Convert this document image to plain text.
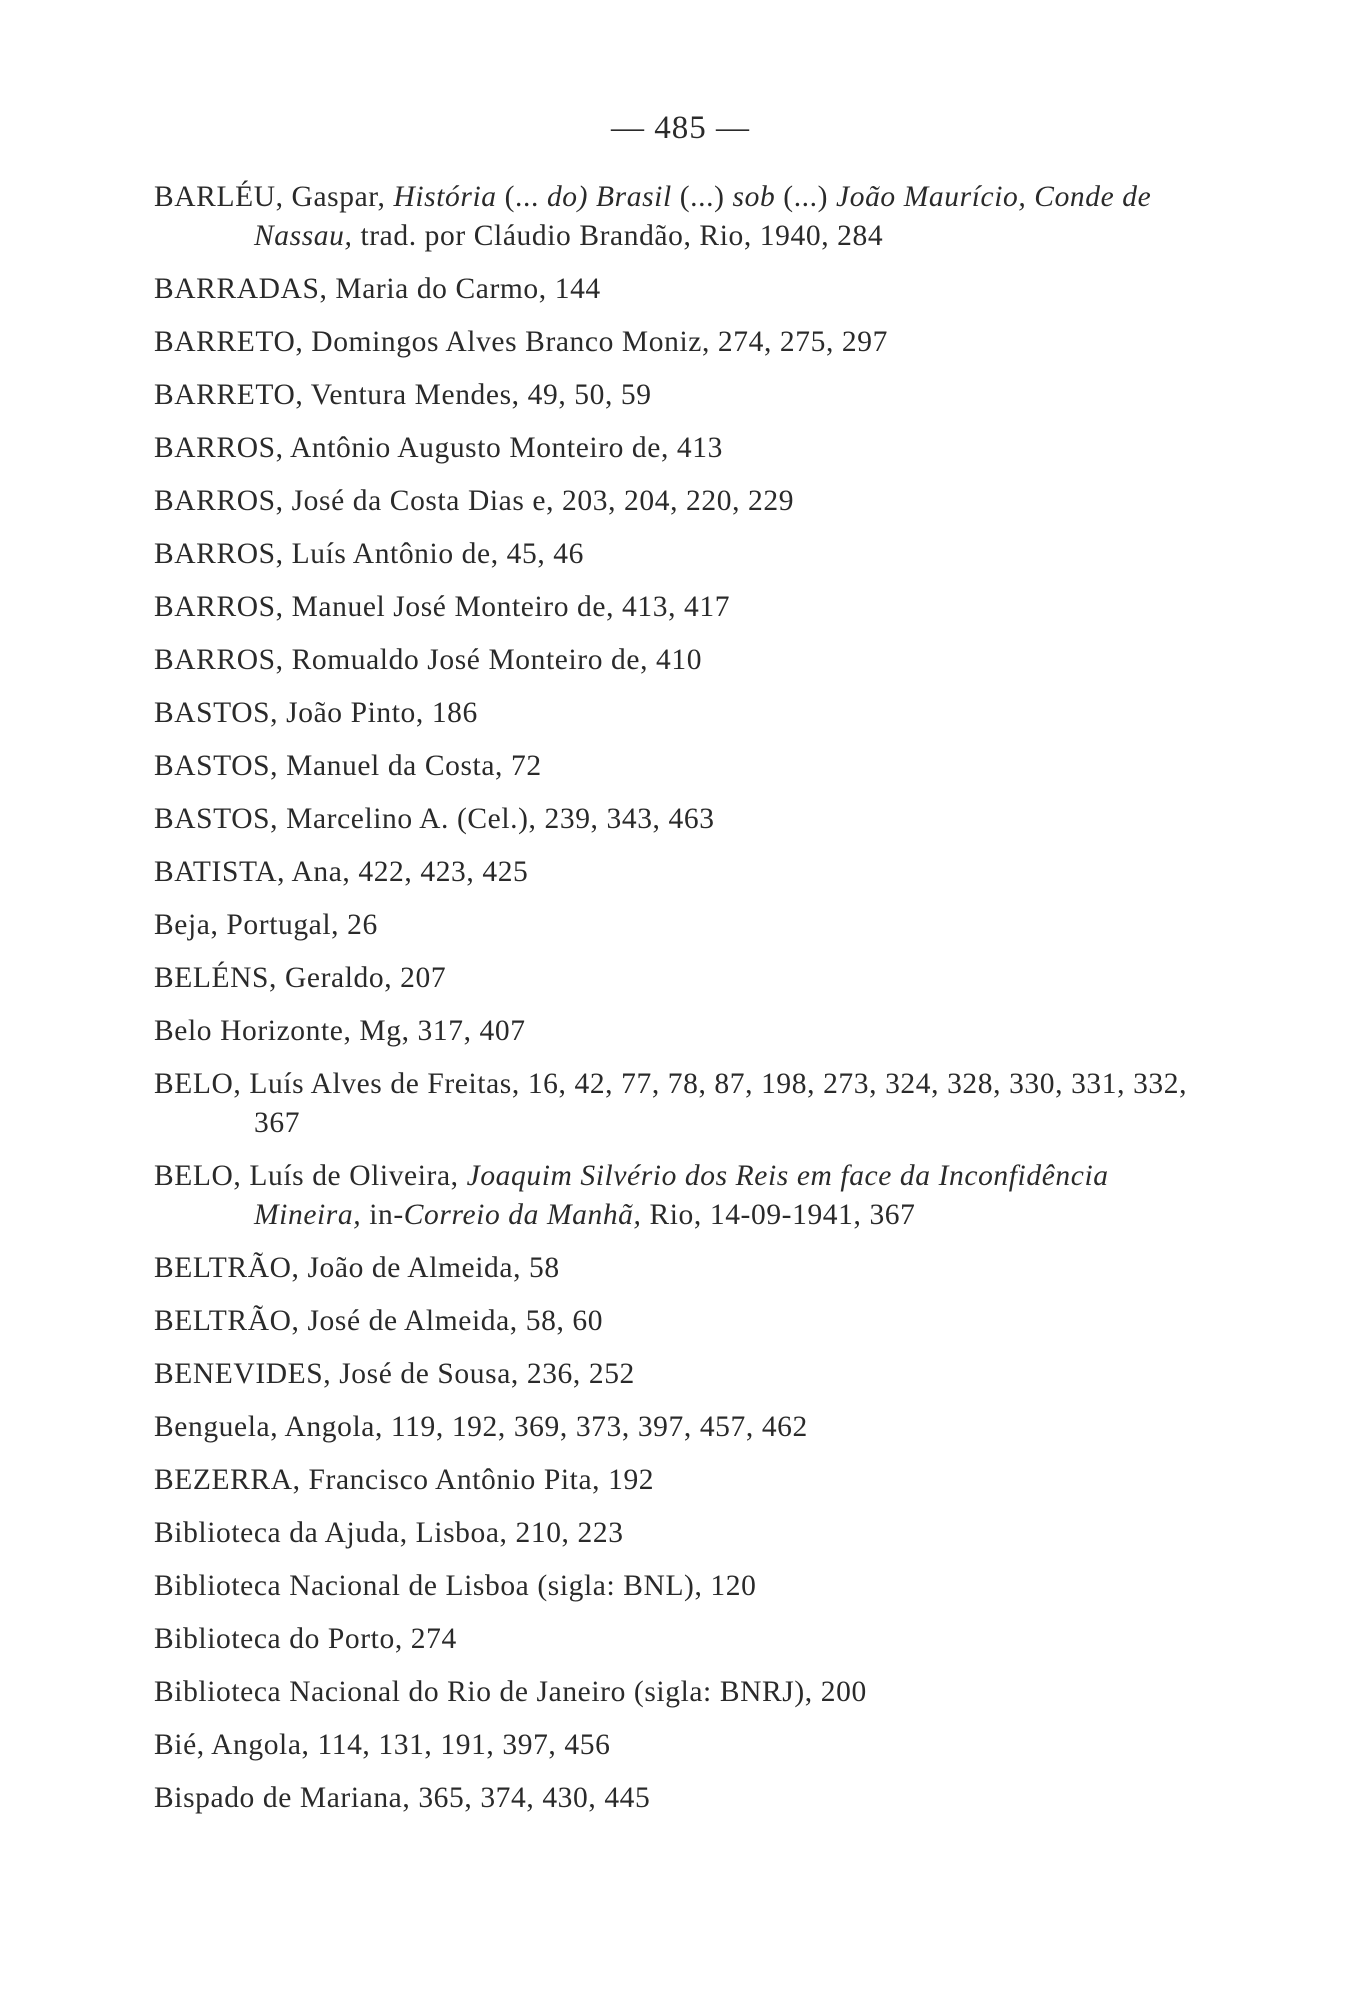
— 485 —
BARLÉU, Gaspar, História (... do) Brasil (...) sob (...) João Maurício, Conde de Nassau, trad. por Cláudio Brandão, Rio, 1940, 284
BARRADAS, Maria do Carmo, 144
BARRETO, Domingos Alves Branco Moniz, 274, 275, 297
BARRETO, Ventura Mendes, 49, 50, 59
BARROS, Antônio Augusto Monteiro de, 413
BARROS, José da Costa Dias e, 203, 204, 220, 229
BARROS, Luís Antônio de, 45, 46
BARROS, Manuel José Monteiro de, 413, 417
BARROS, Romualdo José Monteiro de, 410
BASTOS, João Pinto, 186
BASTOS, Manuel da Costa, 72
BASTOS, Marcelino A. (Cel.), 239, 343, 463
BATISTA, Ana, 422, 423, 425
Beja, Portugal, 26
BELÉNS, Geraldo, 207
Belo Horizonte, Mg, 317, 407
BELO, Luís Alves de Freitas, 16, 42, 77, 78, 87, 198, 273, 324, 328, 330, 331, 332, 367
BELO, Luís de Oliveira, Joaquim Silvério dos Reis em face da Inconfidência Mineira, in-Correio da Manhã, Rio, 14-09-1941, 367
BELTRÃO, João de Almeida, 58
BELTRÃO, José de Almeida, 58, 60
BENEVIDES, José de Sousa, 236, 252
Benguela, Angola, 119, 192, 369, 373, 397, 457, 462
BEZERRA, Francisco Antônio Pita, 192
Biblioteca da Ajuda, Lisboa, 210, 223
Biblioteca Nacional de Lisboa (sigla: BNL), 120
Biblioteca do Porto, 274
Biblioteca Nacional do Rio de Janeiro (sigla: BNRJ), 200
Bié, Angola, 114, 131, 191, 397, 456
Bispado de Mariana, 365, 374, 430, 445
